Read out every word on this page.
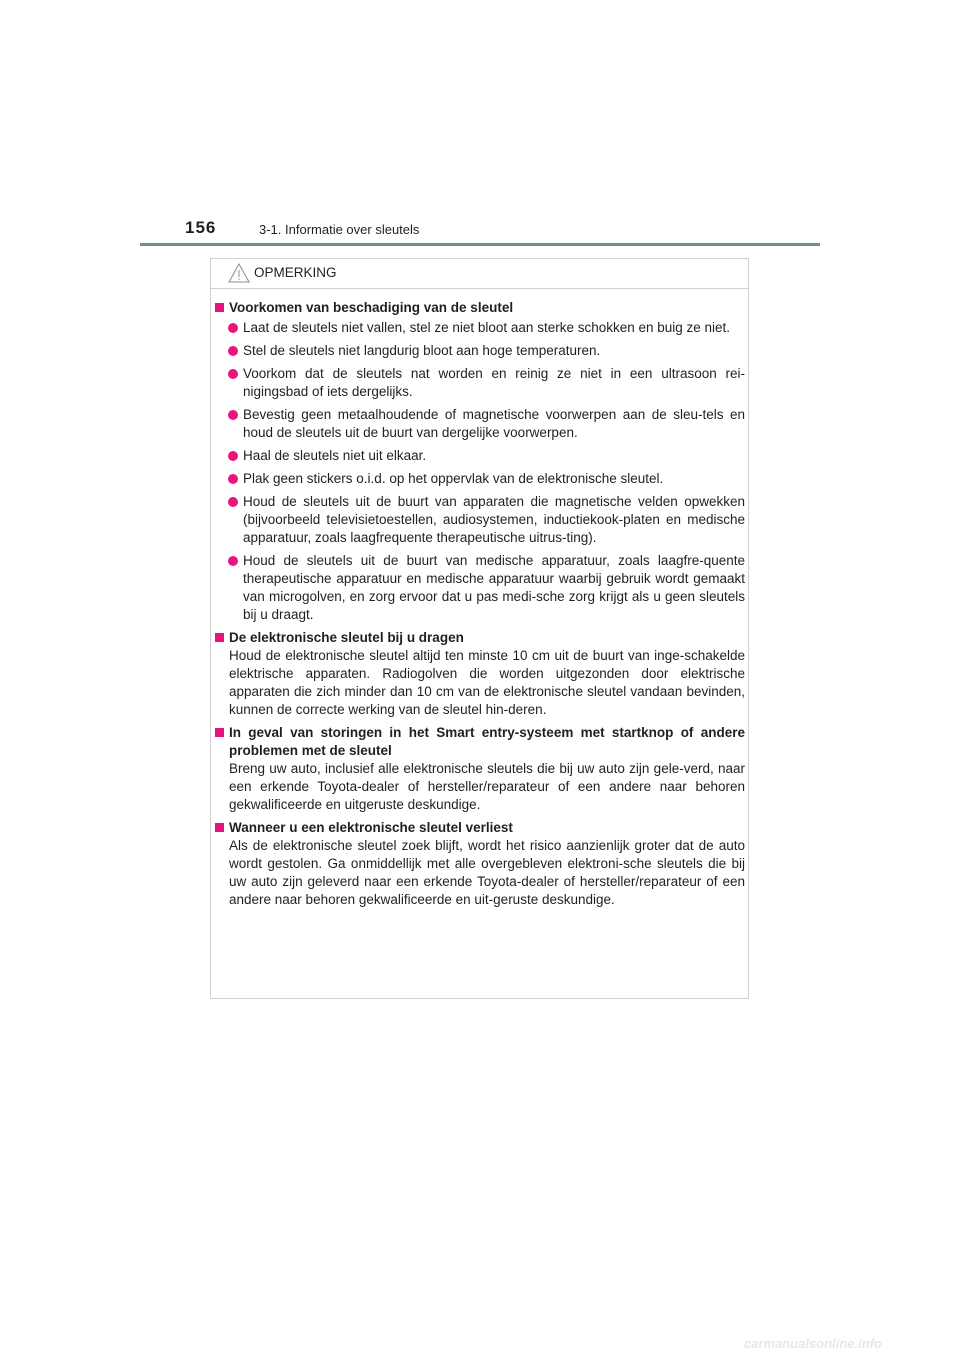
156	3-1. Informatie over sleutels
OPMERKING
Voorkomen van beschadiging van de sleutel
Laat de sleutels niet vallen, stel ze niet bloot aan sterke schokken en buig ze niet.
Stel de sleutels niet langdurig bloot aan hoge temperaturen.
Voorkom dat de sleutels nat worden en reinig ze niet in een ultrasoon rei-nigingsbad of iets dergelijks.
Bevestig geen metaalhoudende of magnetische voorwerpen aan de sleu-tels en houd de sleutels uit de buurt van dergelijke voorwerpen.
Haal de sleutels niet uit elkaar.
Plak geen stickers o.i.d. op het oppervlak van de elektronische sleutel.
Houd de sleutels uit de buurt van apparaten die magnetische velden opwekken (bijvoorbeeld televisietoestellen, audiosystemen, inductiekook-platen en medische apparatuur, zoals laagfrequente therapeutische uitrus-ting).
Houd de sleutels uit de buurt van medische apparatuur, zoals laagfre-quente therapeutische apparatuur en medische apparatuur waarbij gebruik wordt gemaakt van microgolven, en zorg ervoor dat u pas medi-sche zorg krijgt als u geen sleutels bij u draagt.
De elektronische sleutel bij u dragen
Houd de elektronische sleutel altijd ten minste 10 cm uit de buurt van inge-schakelde elektrische apparaten. Radiogolven die worden uitgezonden door elektrische apparaten die zich minder dan 10 cm van de elektronische sleutel vandaan bevinden, kunnen de correcte werking van de sleutel hin-deren.
In geval van storingen in het Smart entry-systeem met startknop of andere problemen met de sleutel
Breng uw auto, inclusief alle elektronische sleutels die bij uw auto zijn gele-verd, naar een erkende Toyota-dealer of hersteller/reparateur of een andere naar behoren gekwalificeerde en uitgeruste deskundige.
Wanneer u een elektronische sleutel verliest
Als de elektronische sleutel zoek blijft, wordt het risico aanzienlijk groter dat de auto wordt gestolen. Ga onmiddellijk met alle overgebleven elektroni-sche sleutels die bij uw auto zijn geleverd naar een erkende Toyota-dealer of hersteller/reparateur of een andere naar behoren gekwalificeerde en uit-geruste deskundige.
carmanualsonline.info
